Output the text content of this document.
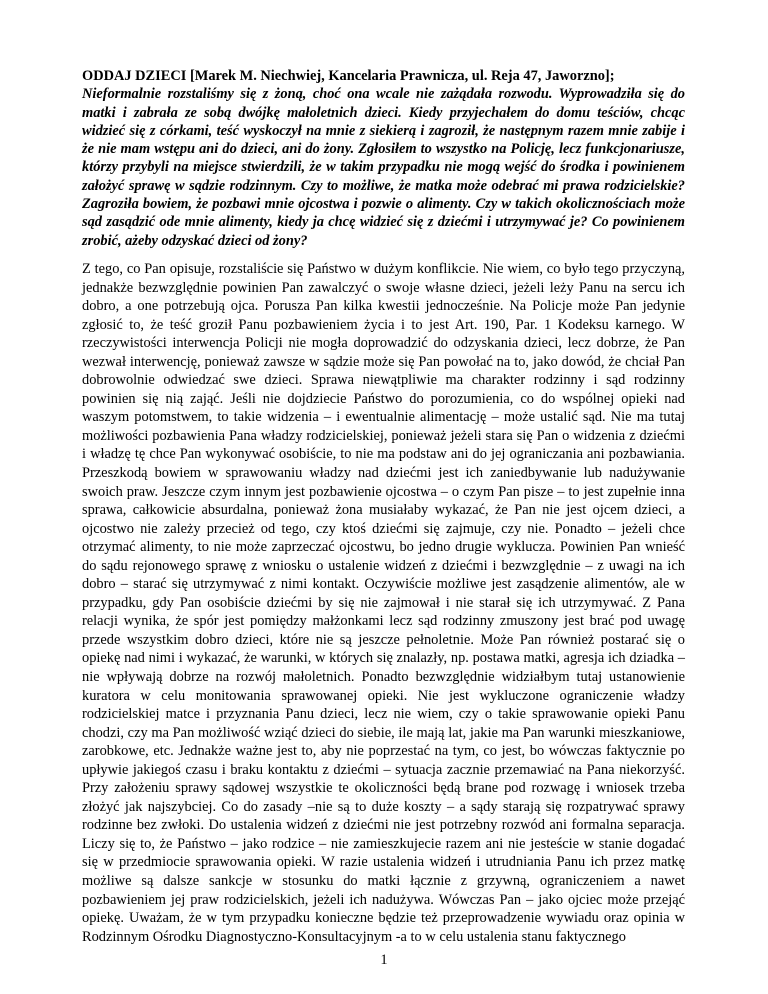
ODDAJ DZIECI [Marek M. Niechwiej, Kancelaria Prawnicza, ul. Reja 47, Jaworzno];

Nieformalnie rozstaliśmy się z żoną, choć ona wcale nie zażądała rozwodu. Wyprowadziła się do matki i zabrała ze sobą dwójkę małoletnich dzieci. Kiedy przyjechałem do domu teściów, chcąc widzieć się z córkami, teść wyskoczył na mnie z siekierą i zagroził, że następnym razem mnie zabije i że nie mam wstępu ani do dzieci, ani do żony. Zgłosiłem to wszystko na Policję, lecz funkcjonariusze, którzy przybyli na miejsce stwierdzili, że w takim przypadku nie mogą wejść do środka i powinienem założyć sprawę w sądzie rodzinnym. Czy to możliwe, że matka może odebrać mi prawa rodzicielskie? Zagroziła bowiem, że pozbawi mnie ojcostwa i pozwie o alimenty. Czy w takich okolicznościach może sąd zasądzić ode mnie alimenty, kiedy ja chcę widzieć się z dziećmi i utrzymywać je? Co powinienem zrobić, ażeby odzyskać dzieci od żony?

Z tego, co Pan opisuje, rozstaliście się Państwo w dużym konflikcie. Nie wiem, co było tego przyczyną, jednakże bezwzględnie powinien Pan zawalczyć o swoje własne dzieci, jeżeli leży Panu na sercu ich dobro, a one potrzebują ojca. Porusza Pan kilka kwestii jednocześnie. Na Policje może Pan jedynie zgłosić to, że teść groził Panu pozbawieniem życia i to jest Art. 190, Par. 1 Kodeksu karnego. W rzeczywistości interwencja Policji nie mogła doprowadzić do odzyskania dzieci, lecz dobrze, że Pan wezwał interwencję, ponieważ zawsze w sądzie może się Pan powołać na to, jako dowód, że chciał Pan dobrowolnie odwiedzać swe dzieci. Sprawa niewątpliwie ma charakter rodzinny i sąd rodzinny powinien się nią zająć. Jeśli nie dojdziecie Państwo do porozumienia, co do wspólnej opieki nad waszym potomstwem, to takie widzenia – i ewentualnie alimentację – może ustalić sąd. Nie ma tutaj możliwości pozbawienia Pana władzy rodzicielskiej, ponieważ jeżeli stara się Pan o widzenia z dziećmi i władzę tę chce Pan wykonywać osobiście, to nie ma podstaw ani do jej ograniczania ani pozbawiania. Przeszkodą bowiem w sprawowaniu władzy nad dziećmi jest ich zaniedbywanie lub nadużywanie swoich praw. Jeszcze czym innym jest pozbawienie ojcostwa – o czym Pan pisze – to jest zupełnie inna sprawa, całkowicie absurdalna, ponieważ żona musiałaby wykazać, że Pan nie jest ojcem dzieci, a ojcostwo nie zależy przecież od tego, czy ktoś dziećmi się zajmuje, czy nie. Ponadto – jeżeli chce otrzymać alimenty, to nie może zaprzeczać ojcostwu, bo jedno drugie wyklucza. Powinien Pan wnieść do sądu rejonowego sprawę z wniosku o ustalenie widzeń z dziećmi i bezwzględnie – z uwagi na ich dobro – starać się utrzymywać z nimi kontakt. Oczywiście możliwe jest zasądzenie alimentów, ale w przypadku, gdy Pan osobiście dziećmi by się nie zajmował i nie starał się ich utrzymywać. Z Pana relacji wynika, że spór jest pomiędzy małżonkami lecz sąd rodzinny zmuszony jest brać pod uwagę przede wszystkim dobro dzieci, które nie są jeszcze pełnoletnie. Może Pan również postarać się o opiekę nad nimi i wykazać, że warunki, w których się znalazły, np. postawa matki, agresja ich dziadka – nie wpływają dobrze na rozwój małoletnich. Ponadto bezwzględnie widziałbym tutaj ustanowienie kuratora w celu monitowania sprawowanej opieki. Nie jest wykluczone ograniczenie władzy rodzicielskiej matce i przyznania Panu dzieci, lecz nie wiem, czy o takie sprawowanie opieki Panu chodzi, czy ma Pan możliwość wziąć dzieci do siebie, ile mają lat, jakie ma Pan warunki mieszkaniowe, zarobkowe, etc. Jednakże ważne jest to, aby nie poprzestać na tym, co jest, bo wówczas faktycznie po upływie jakiegoś czasu i braku kontaktu z dziećmi – sytuacja zacznie przemawiać na Pana niekorzyść. Przy założeniu sprawy sądowej wszystkie te okoliczności będą brane pod rozwagę i wniosek trzeba złożyć jak najszybciej. Co do zasady –nie są to duże koszty – a sądy starają się rozpatrywać sprawy rodzinne bez zwłoki. Do ustalenia widzeń z dziećmi nie jest potrzebny rozwód ani formalna separacja. Liczy się to, że Państwo – jako rodzice – nie zamieszkujecie razem ani nie jesteście w stanie dogadać się w przedmiocie sprawowania opieki. W razie ustalenia widzeń i utrudniania Panu ich przez matkę możliwe są dalsze sankcje w stosunku do matki łącznie z grzywną, ograniczeniem a nawet pozbawieniem jej praw rodzicielskich, jeżeli ich nadużywa. Wówczas Pan – jako ojciec może przejąć opiekę. Uważam, że w tym przypadku konieczne będzie też przeprowadzenie wywiadu oraz opinia w Rodzinnym Ośrodku Diagnostyczno-Konsultacyjnym -a to w celu ustalenia stanu faktycznego

1
